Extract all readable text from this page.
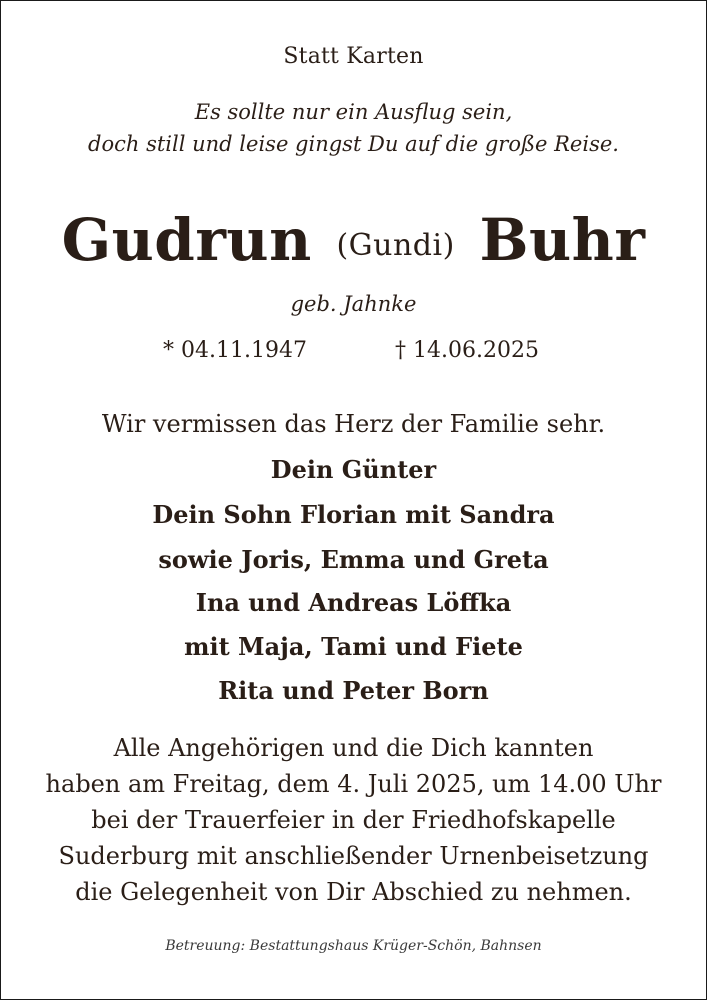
Statt Karten
Es sollte nur ein Ausflug sein,
doch still und leise gingst Du auf die große Reise.
Gudrun (Gundi) Buhr
geb. Jahnke
* 04.11.1947	† 14.06.2025
Wir vermissen das Herz der Familie sehr.
Dein Günter
Dein Sohn Florian mit Sandra
sowie Joris, Emma und Greta
Ina und Andreas Löffka
mit Maja, Tami und Fiete
Rita und Peter Born
Alle Angehörigen und die Dich kannten
haben am Freitag, dem 4. Juli 2025, um 14.00 Uhr
bei der Trauerfeier in der Friedhofskapelle
Suderburg mit anschließender Urnenbeisetzung
die Gelegenheit von Dir Abschied zu nehmen.
Betreuung: Bestattungshaus Krüger-Schön, Bahnsen
